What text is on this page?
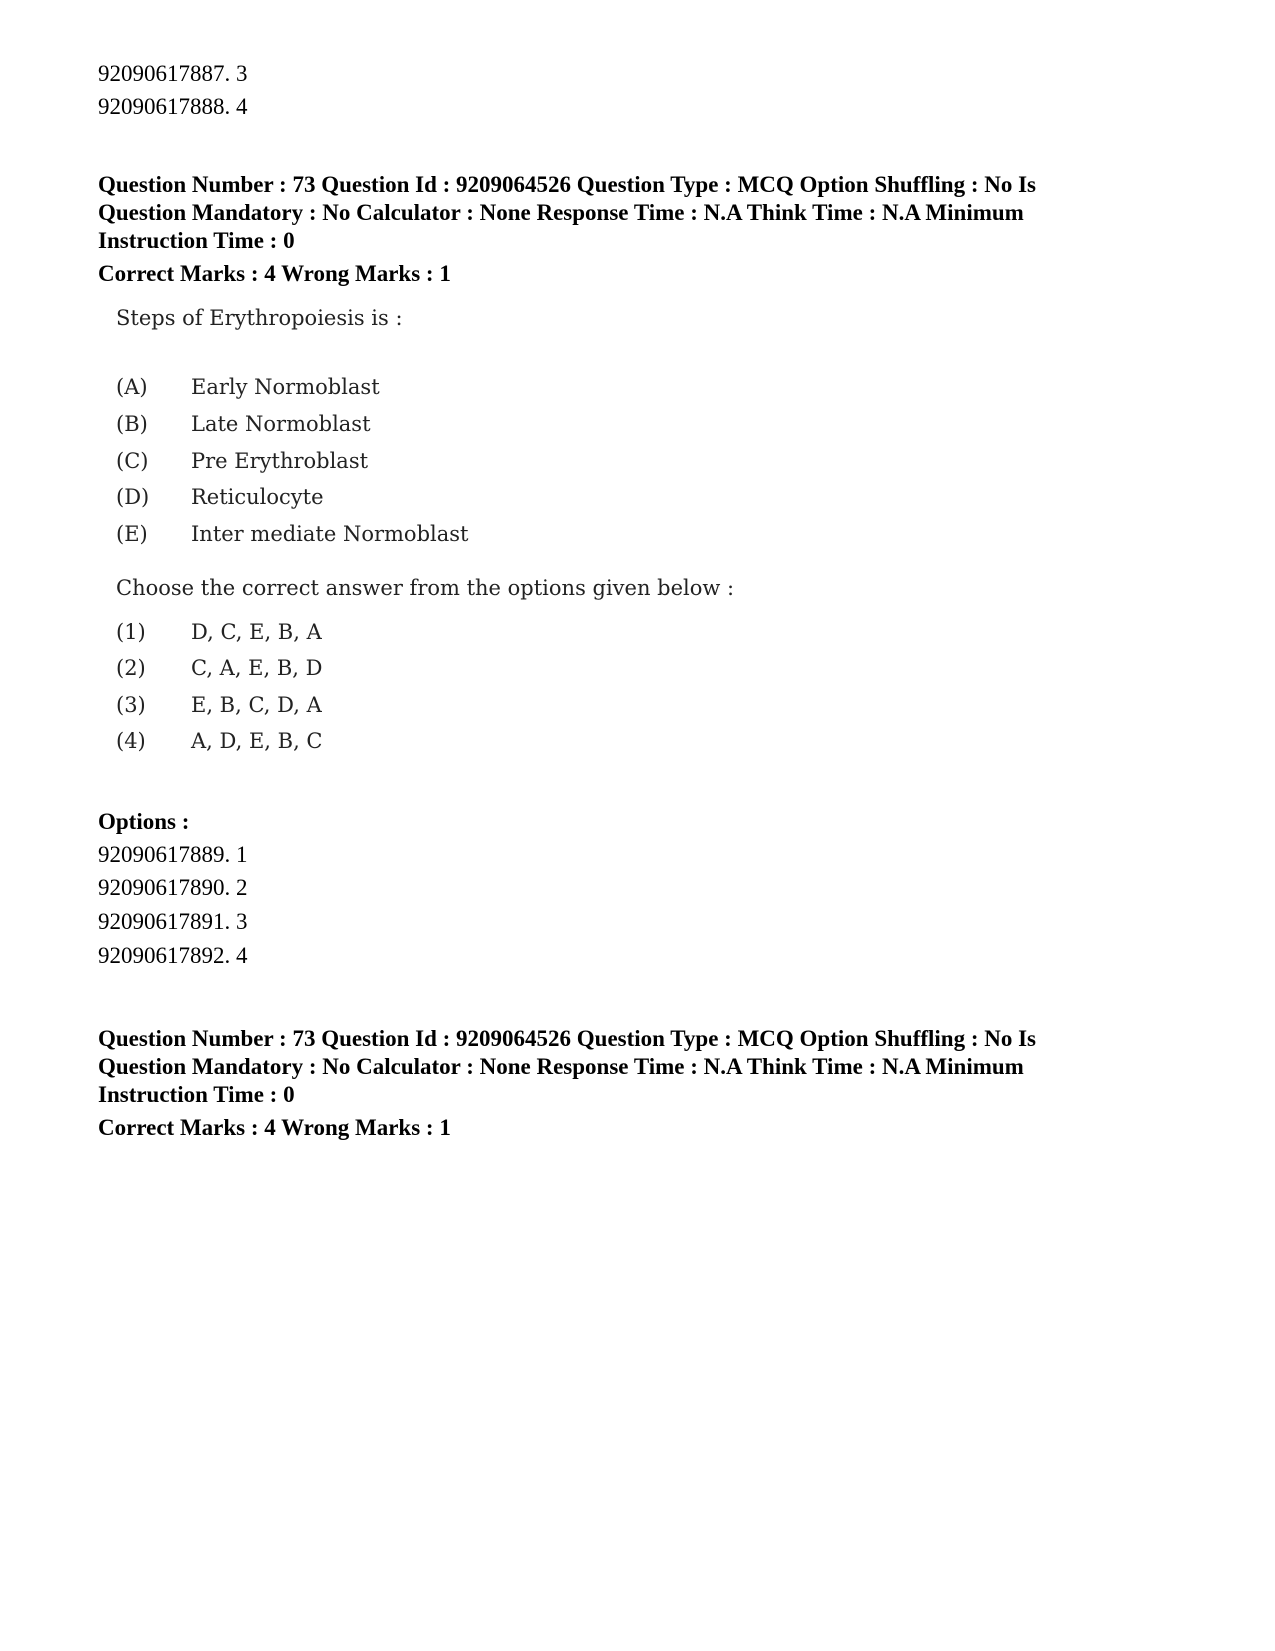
92090617887. 3
92090617888. 4
Question Number : 73 Question Id : 9209064526 Question Type : MCQ Option Shuffling : No Is
Question Mandatory : No Calculator : None Response Time : N.A Think Time : N.A Minimum
Instruction Time : 0
Correct Marks : 4 Wrong Marks : 1
Steps of Erythropoiesis is :
(A) Early Normoblast
(B) Late Normoblast
(C) Pre Erythroblast
(D) Reticulocyte
(E) Inter mediate Normoblast
Choose the correct answer from the options given below :
(1) D, C, E, B, A
(2) C, A, E, B, D
(3) E, B, C, D, A
(4) A, D, E, B, C
Options :
92090617889. 1
92090617890. 2
92090617891. 3
92090617892. 4
Question Number : 73 Question Id : 9209064526 Question Type : MCQ Option Shuffling : No Is
Question Mandatory : No Calculator : None Response Time : N.A Think Time : N.A Minimum
Instruction Time : 0
Correct Marks : 4 Wrong Marks : 1
